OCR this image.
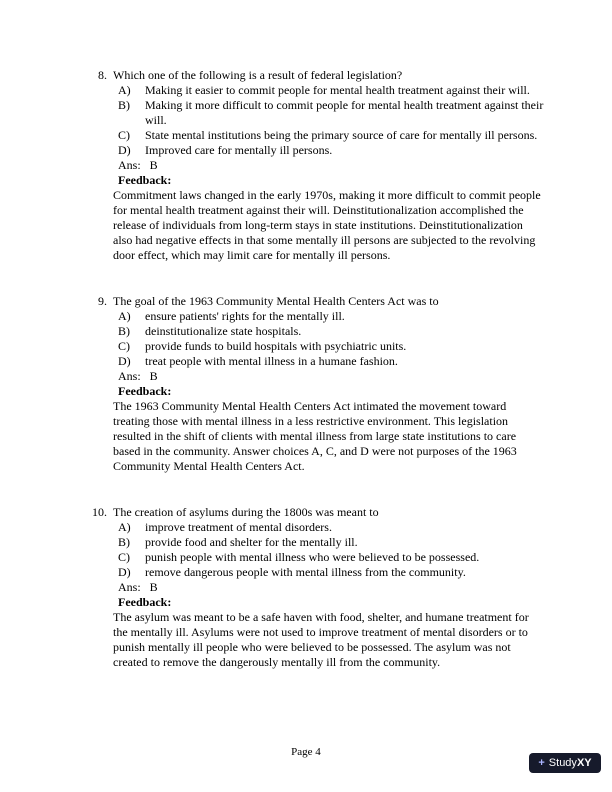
8. Which one of the following is a result of federal legislation?
A)	Making it easier to commit people for mental health treatment against their will.
B)	Making it more difficult to commit people for mental health treatment against their will.
C)	State mental institutions being the primary source of care for mentally ill persons.
D)	Improved care for mentally ill persons.
Ans: B
Feedback:
Commitment laws changed in the early 1970s, making it more difficult to commit people for mental health treatment against their will. Deinstitutionalization accomplished the release of individuals from long-term stays in state institutions. Deinstitutionalization also had negative effects in that some mentally ill persons are subjected to the revolving door effect, which may limit care for mentally ill persons.
9. The goal of the 1963 Community Mental Health Centers Act was to
A)	ensure patients' rights for the mentally ill.
B)	deinstitutionalize state hospitals.
C)	provide funds to build hospitals with psychiatric units.
D)	treat people with mental illness in a humane fashion.
Ans: B
Feedback:
The 1963 Community Mental Health Centers Act intimated the movement toward treating those with mental illness in a less restrictive environment. This legislation resulted in the shift of clients with mental illness from large state institutions to care based in the community. Answer choices A, C, and D were not purposes of the 1963 Community Mental Health Centers Act.
10. The creation of asylums during the 1800s was meant to
A)	improve treatment of mental disorders.
B)	provide food and shelter for the mentally ill.
C)	punish people with mental illness who were believed to be possessed.
D)	remove dangerous people with mental illness from the community.
Ans: B
Feedback:
The asylum was meant to be a safe haven with food, shelter, and humane treatment for the mentally ill. Asylums were not used to improve treatment of mental disorders or to punish mentally ill people who were believed to be possessed. The asylum was not created to remove the dangerously mentally ill from the community.
Page 4
+ Study XY
